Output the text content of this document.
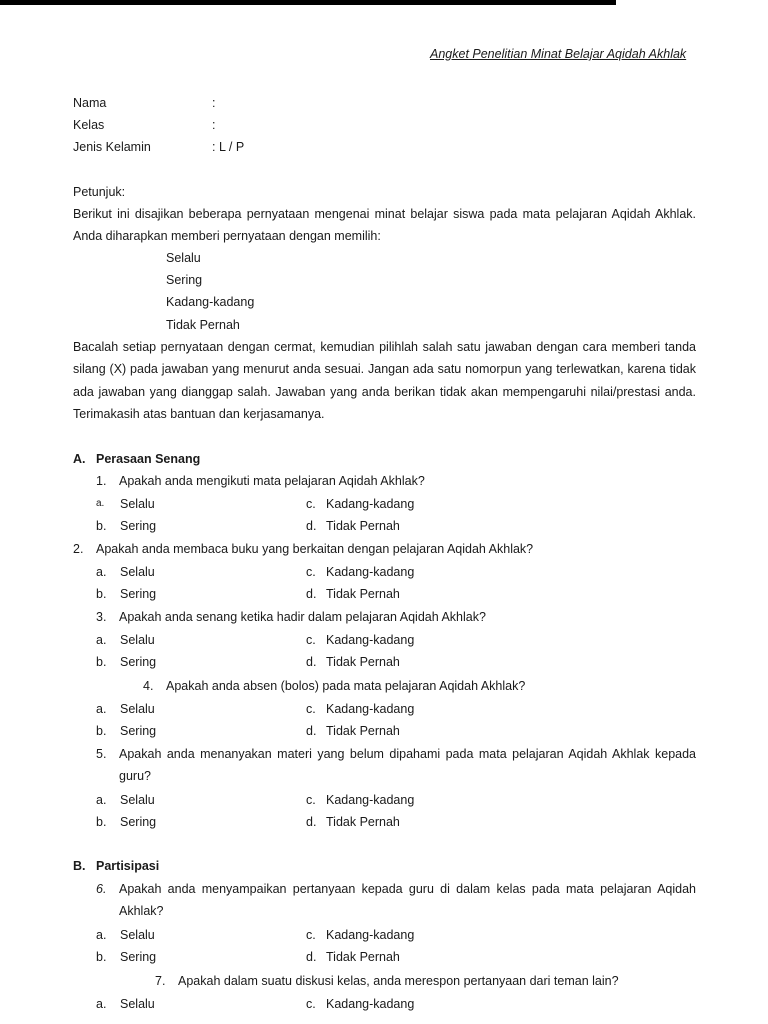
Angket Penelitian Minat Belajar Aqidah Akhlak
Nama	:
Kelas	:
Jenis Kelamin	: L / P
Petunjuk:
Berikut ini disajikan beberapa pernyataan mengenai minat belajar siswa pada mata pelajaran Aqidah Akhlak. Anda diharapkan memberi pernyataan dengan memilih:
Selalu
Sering
Kadang-kadang
Tidak Pernah
Bacalah setiap pernyataan dengan cermat, kemudian pilihlah salah satu jawaban dengan cara memberi tanda silang (X) pada jawaban yang menurut anda sesuai. Jangan ada satu nomorpun yang terlewatkan, karena tidak ada jawaban yang dianggap salah. Jawaban yang anda berikan tidak akan mempengaruhi nilai/prestasi anda. Terimakasih atas bantuan dan kerjasamanya.
A. Perasaan Senang
1. Apakah anda mengikuti mata pelajaran Aqidah Akhlak?
a. Selalu	c. Kadang-kadang
b. Sering	d. Tidak Pernah
2. Apakah anda membaca buku yang berkaitan dengan pelajaran Aqidah Akhlak?
a. Selalu	c. Kadang-kadang
b. Sering	d. Tidak Pernah
3. Apakah anda senang ketika hadir dalam pelajaran Aqidah Akhlak?
a. Selalu	c. Kadang-kadang
b. Sering	d. Tidak Pernah
4. Apakah anda absen (bolos) pada mata pelajaran Aqidah Akhlak?
a. Selalu	c. Kadang-kadang
b. Sering	d. Tidak Pernah
5. Apakah anda menanyakan materi yang belum dipahami pada mata pelajaran Aqidah Akhlak kepada guru?
a. Selalu	c. Kadang-kadang
b. Sering	d. Tidak Pernah
B. Partisipasi
6. Apakah anda menyampaikan pertanyaan kepada guru di dalam kelas pada mata pelajaran Aqidah Akhlak?
a. Selalu	c. Kadang-kadang
b. Sering	d. Tidak Pernah
7. Apakah dalam suatu diskusi kelas, anda merespon pertanyaan dari teman lain?
a. Selalu	c. Kadang-kadang
